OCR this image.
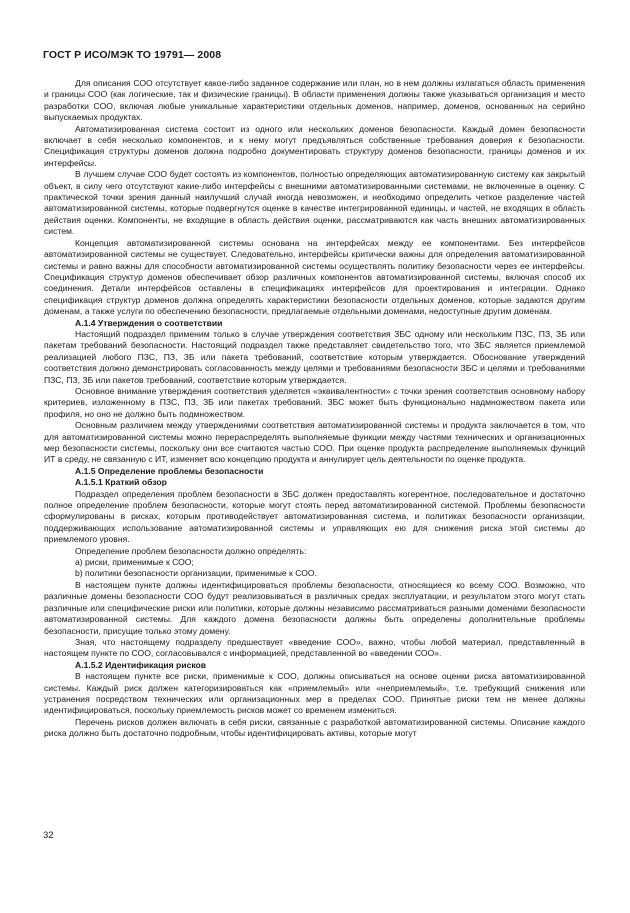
ГОСТ Р ИСО/МЭК ТО 19791— 2008

Для описания СОО отсутствует какое-либо заданное содержание или план, но в нем должны излагаться область применения и границы СОО (как логические, так и физические границы). В области применения должны также указываться организация и место разработки СОО, включая любые уникальные характеристики отдельных доменов, например, доменов, основанных на серийно выпускаемых продуктах.

Автоматизированная система состоит из одного или нескольких доменов безопасности. Каждый домен безопасности включает в себя несколько компонентов, и к нему могут предъявляться собственные требования доверия к безопасности. Спецификация структуры доменов должна подробно документировать структуру доменов безопасности, границы доменов и их интерфейсы.

В лучшем случае СОО будет состоять из компонентов, полностью определяющих автоматизированную систему как закрытый объект, в силу чего отсутствуют какие-либо интерфейсы с внешними автоматизированными системами, не включенные в оценку. С практической точки зрения данный наилучший случай иногда невозможен, и необходимо определить четкое разделение частей автоматизированной системы, которые подвергнутся оценке в качестве интегрированной единицы, и частей, не входящих в область действия оценки. Компоненты, не входящие в область действия оценки, рассматриваются как часть внешних автоматизированных систем.

Концепция автоматизированной системы основана на интерфейсах между ее компонентами. Без интерфейсов автоматизированной системы не существует. Следовательно, интерфейсы критически важны для определения автоматизированной системы и равно важны для способности автоматизированной системы осуществлять политику безопасности через ее интерфейсы. Спецификация структур доменов обеспечивает обзор различных компонентов автоматизированной системы, включая способ их соединения. Детали интерфейсов оставлены в спецификациях интерфейсов для проектирования и интеграции. Однако спецификация структур доменов должна определять характеристики безопасности отдельных доменов, которые задаются другим доменам, а также услуги по обеспечению безопасности, предлагаемые отдельными доменами, недоступные другим доменам.

А.1.4 Утверждения о соответствии

Настоящий подраздел применим только в случае утверждения соответствия ЗБС одному или нескольким ПЗС, ПЗ, ЗБ или пакетам требований безопасности. Настоящий подраздел также представляет свидетельство того, что ЗБС является приемлемой реализацией любого ПЗС, ПЗ, ЗБ или пакета требований, соответствие которым утверждается. Обоснование утверждений соответствия должно демонстрировать согласованность между целями и требованиями безопасности ЗБС и целями и требованиями ПЗС, ПЗ, ЗБ или пакетов требований, соответствие которым утверждается.

Основное внимание утверждения соответствия уделяется «эквивалентности» с точки зрения соответствия основному набору критериев, изложенному в ПЗС, ПЗ, ЗБ или пакетах требований. ЗБС может быть функционально надмножеством пакета или профиля, но оно не должно быть подмножеством.

Основным различием между утверждениями соответствия автоматизированной системы и продукта заключается в том, что для автоматизированной системы можно перераспределять выполняемые функции между частями технических и организационных мер безопасности системы, поскольку они все считаются частью СОО. При оценке продукта распределение выполняемых функций ИТ в среду, не связанную с ИТ, изменяет всю концепцию продукта и аннулирует цель деятельности по оценке продукта.

А.1.5 Определение проблемы безопасности

А.1.5.1 Краткий обзор

Подраздел определения проблем безопасности в ЗБС должен предоставлять когерентное, последовательное и достаточно полное определение проблем безопасности, которые могут стоять перед автоматизированной системой. Проблемы безопасности сформулированы в рисках, которым противодействует автоматизированная система, и политиках безопасности организации, поддерживающих использование автоматизированной системы и управляющих ею для снижения риска этой системы до приемлемого уровня.

Определение проблем безопасности должно определять:

а) риски, применимые к СОО;

b) политики безопасности организации, применимые к СОО.

В настоящем пункте должны идентифицироваться проблемы безопасности, относящиеся ко всему СОО. Возможно, что различные домены безопасности СОО будут реализовываться в различных средах эксплуатации, и результатом этого могут стать различные или специфические риски или политики, которые должны независимо рассматриваться разными доменами безопасности автоматизированной системы. Для каждого домена безопасности должны быть определены дополнительные проблемы безопасности, присущие только этому домену.

Зная, что настоящему подразделу предшествует «введение СОО», важно, чтобы любой материал, представленный в настоящем пункте по СОО, согласовывался с информацией, представленной во «введении СОО».

А.1.5.2 Идентификация рисков

В настоящем пункте все риски, применимые к СОО, должны описываться на основе оценки риска автоматизированной системы. Каждый риск должен категоризироваться как «приемлемый» или «неприемлемый», т.е. требующий снижения или устранения посредством технических или организационных мер в пределах СОО. Принятые риски тем не менее должны идентифицироваться, поскольку приемлемость рисков может со временем измениться.

Перечень рисков должен включать в себя риски, связанные с разработкой автоматизированной системы. Описание каждого риска должно быть достаточно подробным, чтобы идентифицировать активы, которые могут

32
